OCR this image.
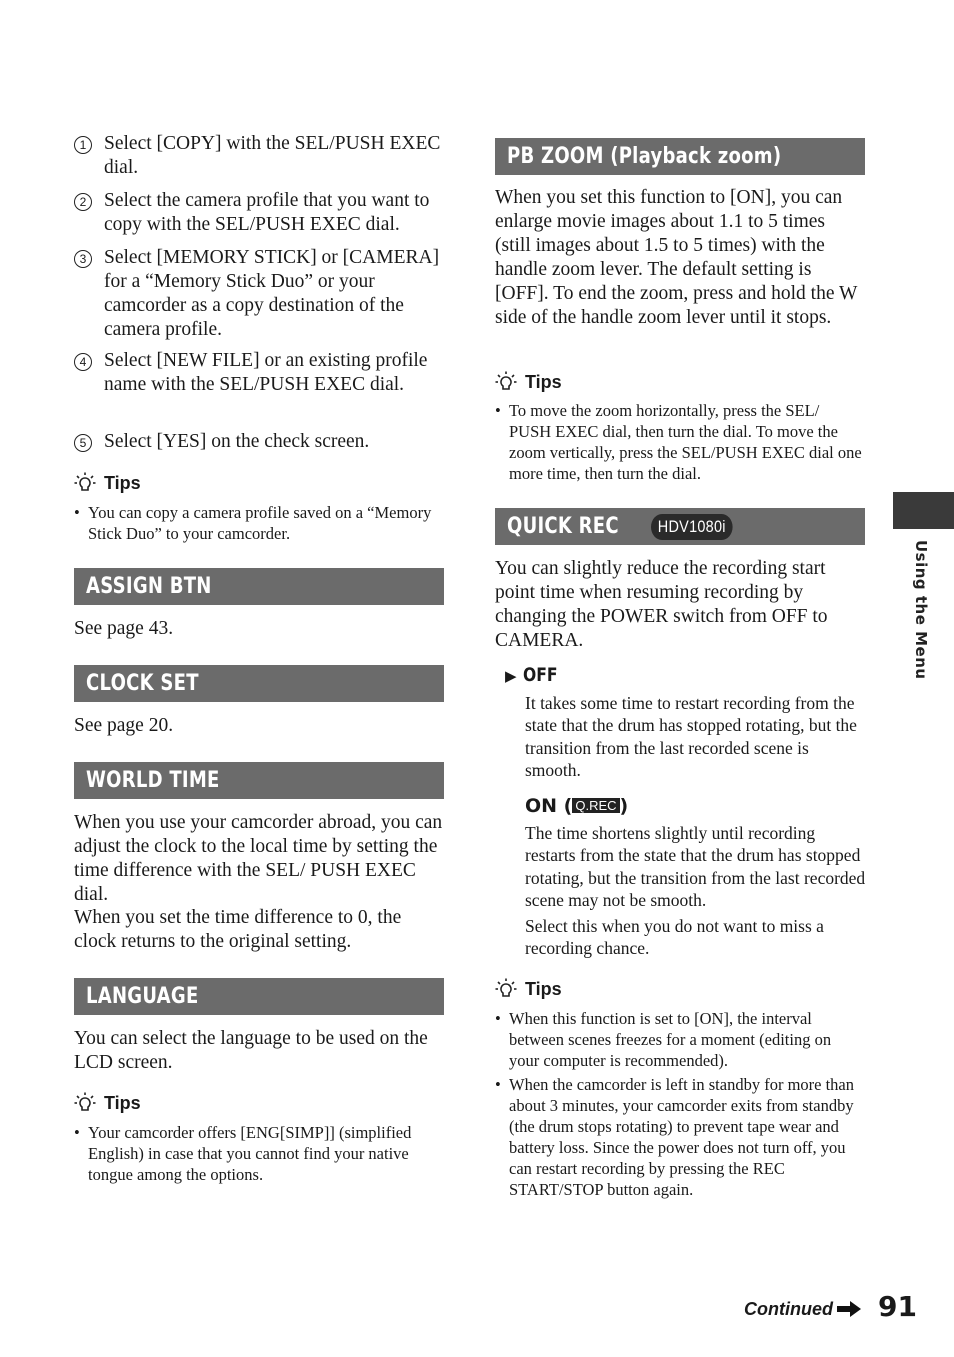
1 Select [COPY] with the SEL/PUSH EXEC dial.
2 Select the camera profile that you want to copy with the SEL/PUSH EXEC dial.
3 Select [MEMORY STICK] or [CAMERA] for a “Memory Stick Duo” or your camcorder as a copy destination of the camera profile.
4 Select [NEW FILE] or an existing profile name with the SEL/PUSH EXEC dial.
5 Select [YES] on the check screen.
Tips
• You can copy a camera profile saved on a “Memory Stick Duo” to your camcorder.
ASSIGN BTN
See page 43.
CLOCK SET
See page 20.
WORLD TIME
When you use your camcorder abroad, you can adjust the clock to the local time by setting the time difference with the SEL/ PUSH EXEC dial.
When you set the time difference to 0, the clock returns to the original setting.
LANGUAGE
You can select the language to be used on the LCD screen.
Tips
• Your camcorder offers [ENG[SIMP]] (simplified English) in case that you cannot find your native tongue among the options.
PB ZOOM (Playback zoom)
When you set this function to [ON], you can enlarge movie images about 1.1 to 5 times (still images about 1.5 to 5 times) with the handle zoom lever. The default setting is [OFF]. To end the zoom, press and hold the W side of the handle zoom lever until it stops.
Tips
• To move the zoom horizontally, press the SEL/ PUSH EXEC dial, then turn the dial. To move the zoom vertically, press the SEL/PUSH EXEC dial one more time, then turn the dial.
QUICK REC HDV1080i
You can slightly reduce the recording start point time when resuming recording by changing the POWER switch from OFF to CAMERA.
▶ OFF
It takes some time to restart recording from the state that the drum has stopped rotating, but the transition from the last recorded scene is smooth.
ON ( Q.REC )
The time shortens slightly until recording restarts from the state that the drum has stopped rotating, but the transition from the last recorded scene may not be smooth.
Select this when you do not want to miss a recording chance.
Tips
• When this function is set to [ON], the interval between scenes freezes for a moment (editing on your computer is recommended).
• When the camcorder is left in standby for more than about 3 minutes, your camcorder exits from standby (the drum stops rotating) to prevent tape wear and battery loss. Since the power does not turn off, you can restart recording by pressing the REC START/STOP button again.
Using the Menu
Continued 91
